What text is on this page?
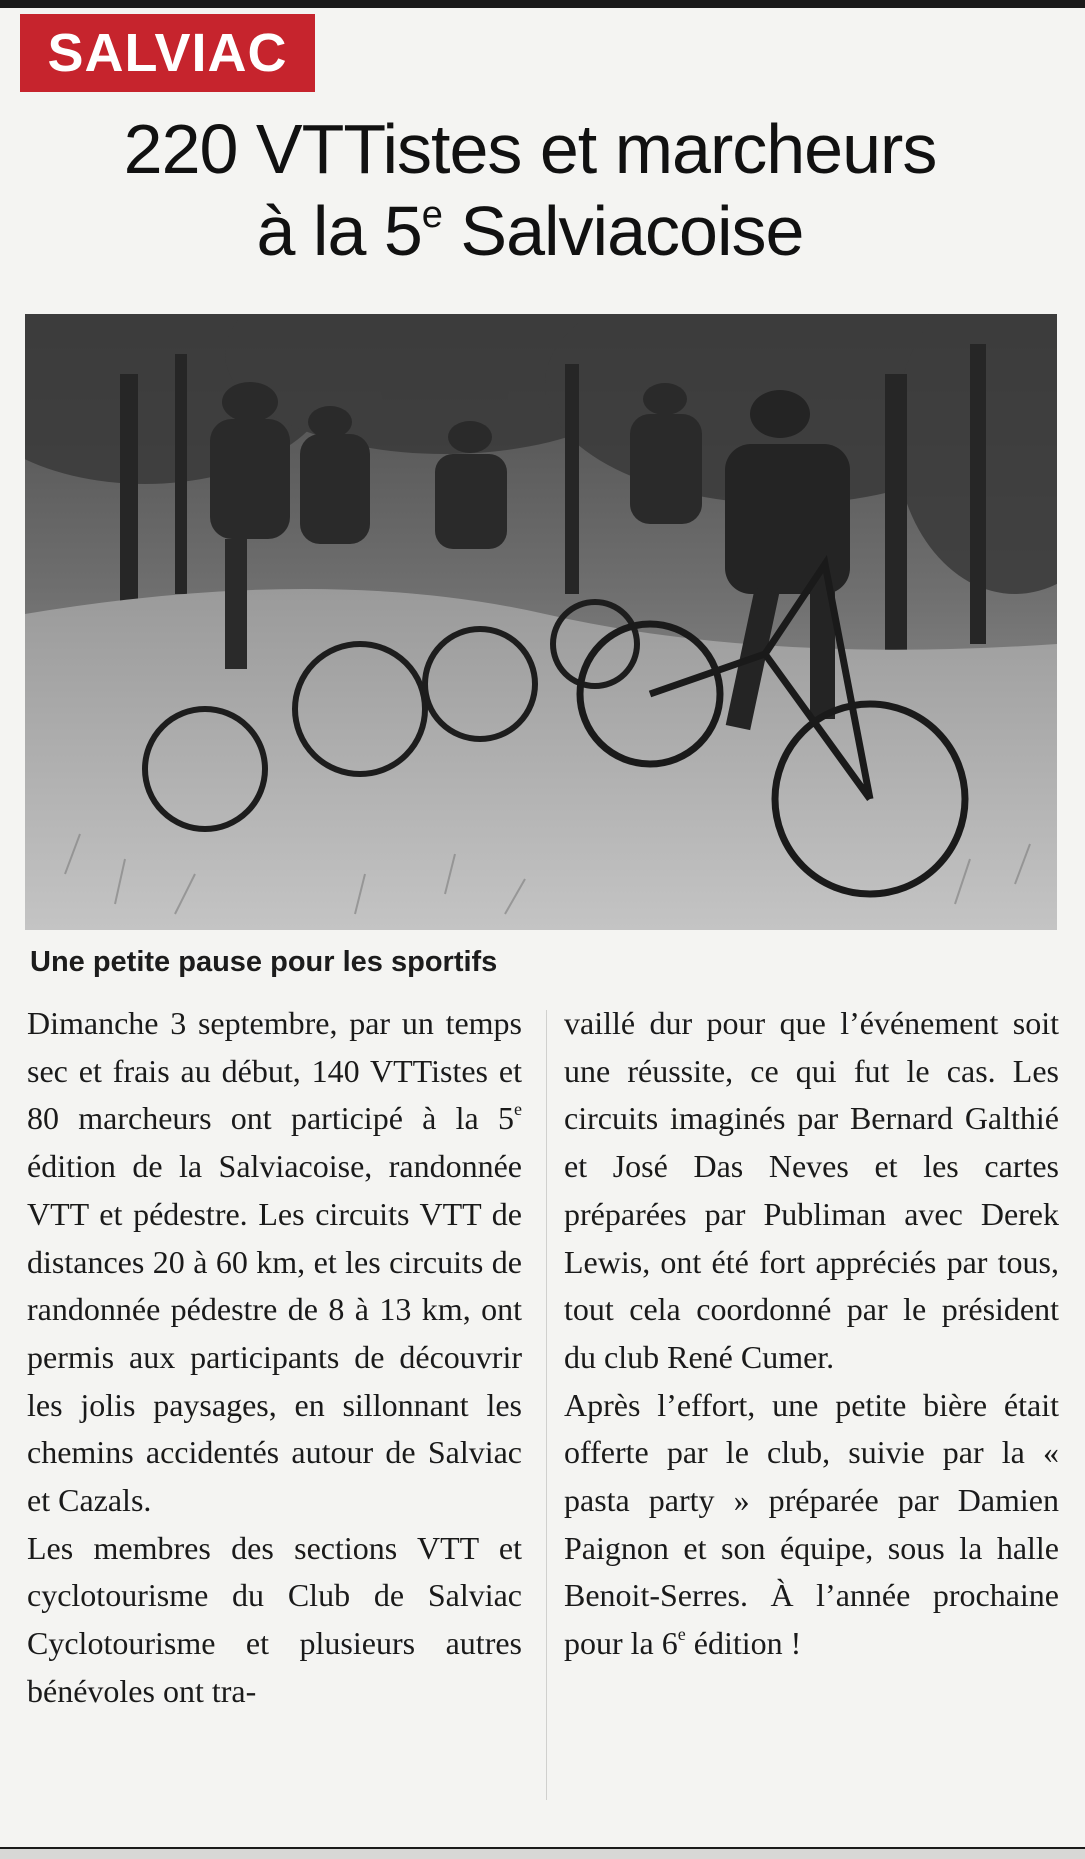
SALVIAC
220 VTTistes et marcheurs
à la 5e Salviacoise
Une petite pause pour les sportifs

Dimanche 3 septembre, par un temps sec et frais au début, 140 VTTistes et 80 marcheurs ont participé à la 5e édition de la Salviacoise, randonnée VTT et pédestre. Les circuits VTT de distances 20 à 60 km, et les circuits de randonnée pédestre de 8 à 13 km, ont permis aux participants de découvrir les jolis paysages, en sillonnant les chemins accidentés autour de Salviac et Cazals.

Les membres des sections VTT et cyclotourisme du Club de Salviac Cyclotourisme et plusieurs autres bénévoles ont tra-

vaillé dur pour que l’événement soit une réussite, ce qui fut le cas. Les circuits imaginés par Bernard Galthié et José Das Neves et les cartes préparées par Publiman avec Derek Lewis, ont été fort appréciés par tous, tout cela coordonné par le président du club René Cumer.

Après l’effort, une petite bière était offerte par le club, suivie par la « pasta party » préparée par Damien Paignon et son équipe, sous la halle Benoit-Serres. À l’année prochaine pour la 6e édition !
